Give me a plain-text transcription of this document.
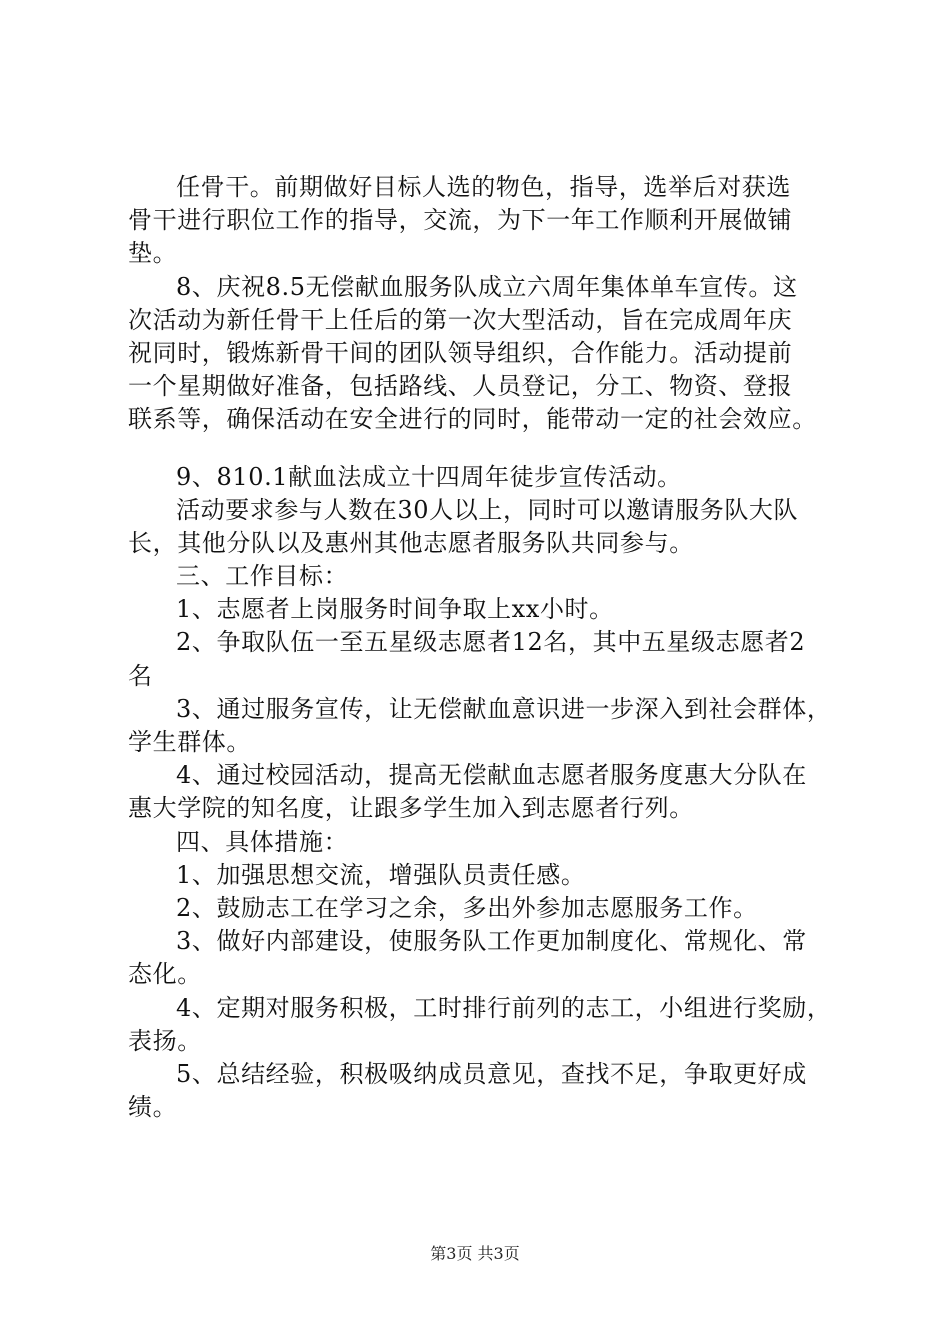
任骨干。前期做好目标人选的物色，指导，选举后对获选
骨干进行职位工作的指导，交流，为下一年工作顺利开展做铺
垫。
8、庆祝8.5无偿献血服务队成立六周年集体单车宣传。这
次活动为新任骨干上任后的第一次大型活动，旨在完成周年庆
祝同时，锻炼新骨干间的团队领导组织，合作能力。活动提前
一个星期做好准备，包括路线、人员登记，分工、物资、登报
联系等，确保活动在安全进行的同时，能带动一定的社会效应。
9、810.1献血法成立十四周年徒步宣传活动。
活动要求参与人数在30人以上，同时可以邀请服务队大队
长，其他分队以及惠州其他志愿者服务队共同参与。
三、工作目标：
1、志愿者上岗服务时间争取上xx小时。
2、争取队伍一至五星级志愿者12名，其中五星级志愿者2
名
3、通过服务宣传，让无偿献血意识进一步深入到社会群体，
学生群体。
4、通过校园活动，提高无偿献血志愿者服务度惠大分队在
惠大学院的知名度，让跟多学生加入到志愿者行列。
四、具体措施：
1、加强思想交流，增强队员责任感。
2、鼓励志工在学习之余，多出外参加志愿服务工作。
3、做好内部建设，使服务队工作更加制度化、常规化、常
态化。
4、定期对服务积极，工时排行前列的志工，小组进行奖励，
表扬。
5、总结经验，积极吸纳成员意见，查找不足，争取更好成
绩。
第3页 共3页
